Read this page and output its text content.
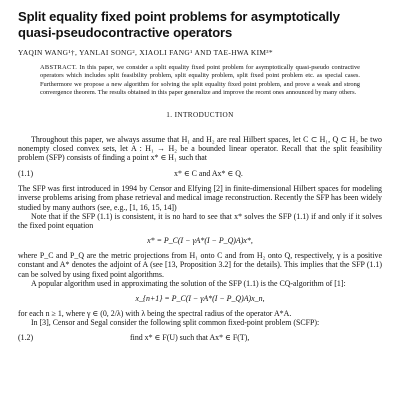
Split equality fixed point problems for asymptotically
quasi-pseudocontractive operators
YAQIN WANG¹†, YANLAI SONG², XIAOLI FANG¹ AND TAE-HWA KIM³*
ABSTRACT. In this paper, we consider a split equality fixed point problem for asymptotically quasi-pseudo contractive operators which includes split feasibility problem, split equality problem, split fixed point problem etc. as special cases. Furthermore we propose a new algorithm for solving the split equality fixed point problem, and prove a weak and strong convergence theorem. The results obtained in this paper generalize and improve the recent ones announced by many others.
1. INTRODUCTION

Throughout this paper, we always assume that H₁ and H₂ are real Hilbert spaces, let C ⊂ H₁, Q ⊂ H₂ be two nonempty closed convex sets, let A : H₁ → H₂ be a bounded linear operator. Recall that the split feasibility problem (SFP) consists of finding a point x* ∈ H₁ such that

(1.1)	x* ∈ C and Ax* ∈ Q.

The SFP was first introduced in 1994 by Censor and Elfying [2] in finite-dimensional Hilbert spaces for modeling inverse problems arising from phase retrieval and medical image reconstruction. Recently the SFP has been widely studied by many authors (see, e.g., [1, 16, 15, 14])

Note that if the SFP (1.1) is consistent, it is no hard to see that x* solves the SFP (1.1) if and only if it solves the fixed point equation

x* = P_C(I − γA*(I − P_Q)A)x*,

where P_C and P_Q are the metric projections from H₁ onto C and from H₂ onto Q, respectively, γ is a positive constant and A* denotes the adjoint of A (see [13, Proposition 3.2] for the details). This implies that the SFP (1.1) can be solved by using fixed point algorithms.

A popular algorithm used in approximating the solution of the SFP (1.1) is the CQ-algorithm of [1]:

x_{n+1} = P_C(I − γA*(I − P_Q)A)x_n,

for each n ≥ 1, where γ ∈ (0, 2/λ) with λ being the spectral radius of the operator A*A.

In [3], Censor and Segal consider the following split common fixed-point problem (SCFP):

(1.2)	find x* ∈ F(U) such that Ax* ∈ F(T),
